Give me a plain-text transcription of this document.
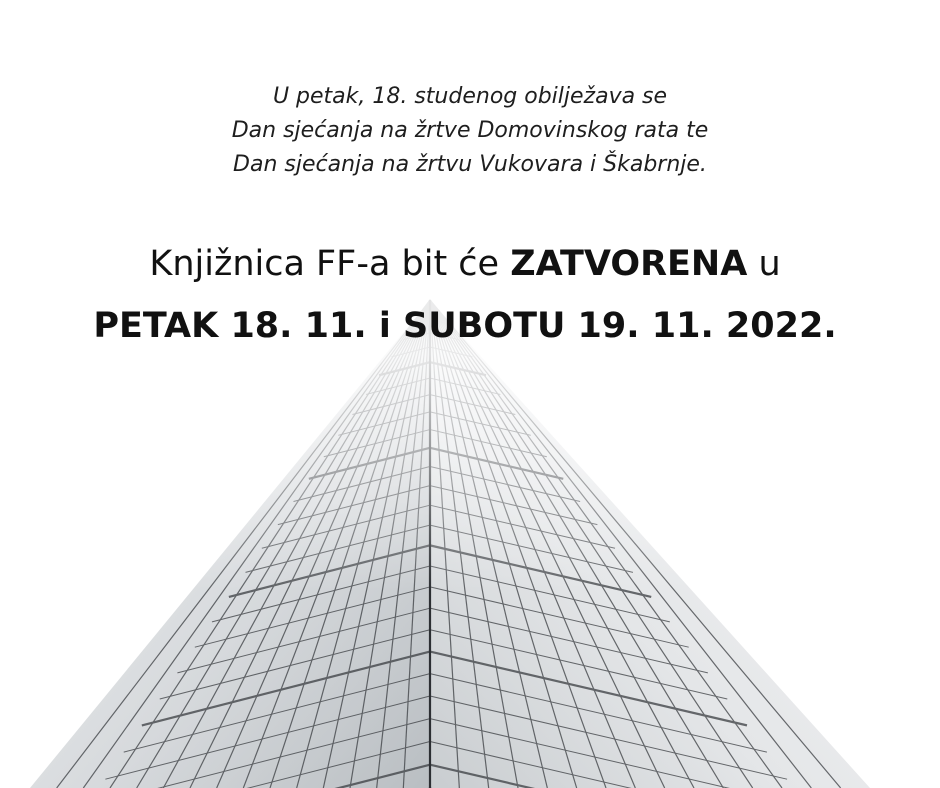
U petak, 18. studenog obilježava se
Dan sjećanja na žrtve Domovinskog rata te
Dan sjećanja na žrtvu Vukovara i Škabrnje.
Knjižnica FF-a bit će ZATVORENA u
PETAK 18. 11. i SUBOTU 19. 11. 2022.
